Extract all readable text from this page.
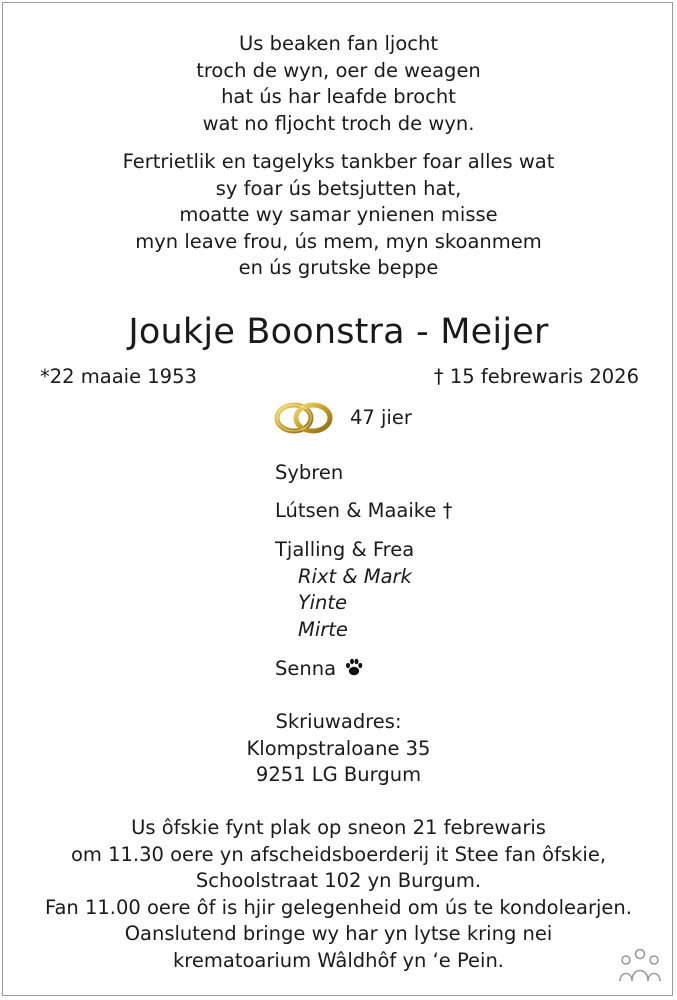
Us beaken fan ljocht
troch de wyn, oer de weagen
hat ús har leafde brocht
wat no fljocht troch de wyn.
Fertrietlik en tagelyks tankber foar alles wat
sy foar ús betsjutten hat,
moatte wy samar ynienen misse
myn leave frou, ús mem, myn skoanmem
en ús grutske beppe
Joukje Boonstra - Meijer
*22 maaie 1953	† 15 febrewaris 2026
47 jier
Sybren
Lútsen & Maaike †
Tjalling & Frea
Rixt & Mark
Yinte
Mirte
Senna
Skriuwadres:
Klompstraloane 35
9251 LG Burgum
Us ôfskie fynt plak op sneon 21 febrewaris
om 11.30 oere yn afscheidsboerderij it Stee fan ôfskie,
Schoolstraat 102 yn Burgum.
Fan 11.00 oere ôf is hjir gelegenheid om ús te kondolearjen.
Oanslutend bringe wy har yn lytse kring nei
krematoarium Wâldhôf yn ‘e Pein.
